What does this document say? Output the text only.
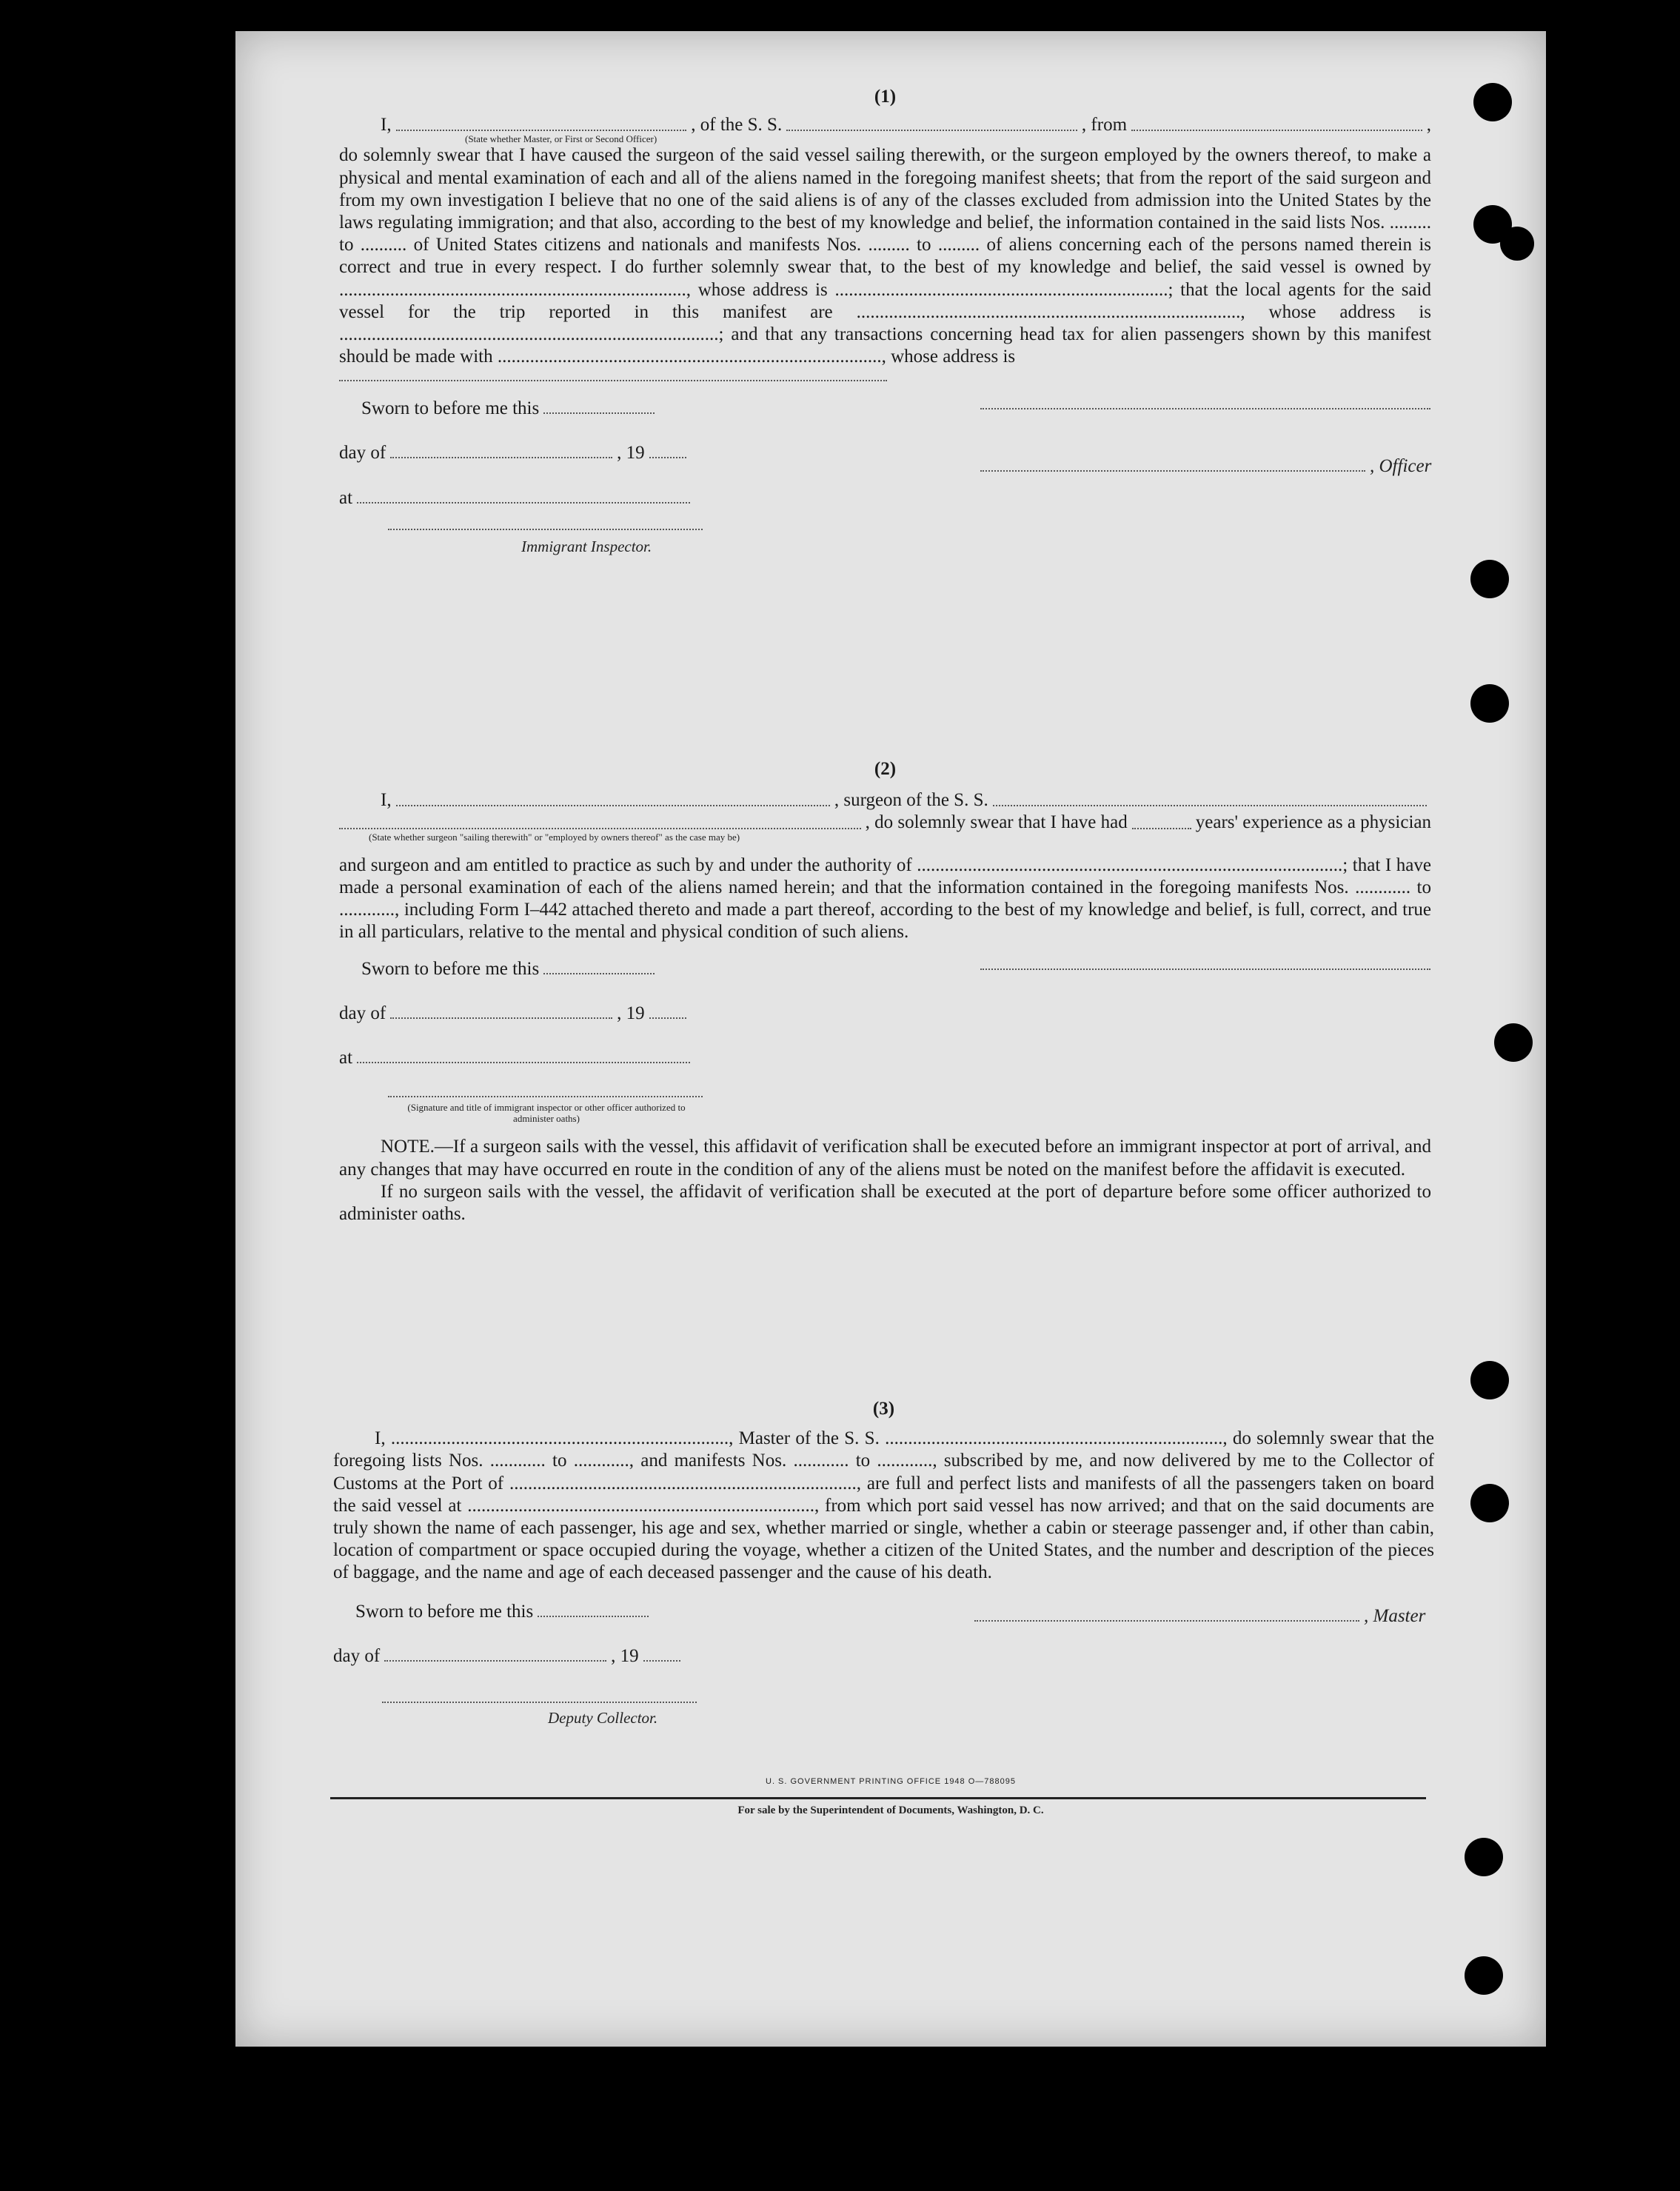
(1)
I,	, of the S. S.	, from	,
(State whether Master, or First or Second Officer)
do solemnly swear that I have caused the surgeon of the said vessel sailing therewith, or the surgeon employed by the owners thereof, to make a physical and mental examination of each and all of the aliens named in the foregoing manifest sheets; that from the report of the said surgeon and from my own investigation I believe that no one of the said aliens is of any of the classes excluded from admission into the United States by the laws regulating immigration; and that also, according to the best of my knowledge and belief, the information contained in the said lists Nos. ......... to .......... of United States citizens and nationals and manifests Nos. ......... to ......... of aliens concerning each of the persons named therein is correct and true in every respect. I do further solemnly swear that, to the best of my knowledge and belief, the said vessel is owned by ..........................................................................., whose address is ........................................................................; that the local agents for the said vessel for the trip reported in this manifest are ..................................................................................., whose address is ..................................................................................; and that any transactions concerning head tax for alien passengers shown by this manifest should be made with ..................................................................................., whose address is
Sworn to before me this
day of	, 19
at
Immigrant Inspector.
, Officer
(2)
I,	, surgeon of the S. S.
, do solemnly swear that I have had	years' experience as a physician
(State whether surgeon "sailing therewith" or "employed by owners thereof" as the case may be)
and surgeon and am entitled to practice as such by and under the authority of ............................................................................................; that I have made a personal examination of each of the aliens named herein; and that the information contained in the foregoing manifests Nos. ............ to ............, including Form I–442 attached thereto and made a part thereof, according to the best of my knowledge and belief, is full, correct, and true in all particulars, relative to the mental and physical condition of such aliens.
Sworn to before me this
day of	, 19
at
(Signature and title of immigrant inspector or other officer authorized to administer oaths)
NOTE.—If a surgeon sails with the vessel, this affidavit of verification shall be executed before an immigrant inspector at port of arrival, and any changes that may have occurred en route in the condition of any of the aliens must be noted on the manifest before the affidavit is executed.
If no surgeon sails with the vessel, the affidavit of verification shall be executed at the port of departure before some officer authorized to administer oaths.
(3)
I, ........................................................................., Master of the S. S. ........................................................................., do solemnly swear that the foregoing lists Nos. ............ to ............, and manifests Nos. ............ to ............, subscribed by me, and now delivered by me to the Collector of Customs at the Port of ..........................................................................., are full and perfect lists and manifests of all the passengers taken on board the said vessel at ..........................................................................., from which port said vessel has now arrived; and that on the said documents are truly shown the name of each passenger, his age and sex, whether married or single, whether a cabin or steerage passenger and, if other than cabin, location of compartment or space occupied during the voyage, whether a citizen of the United States, and the number and description of the pieces of baggage, and the name and age of each deceased passenger and the cause of his death.
Sworn to before me this
day of	, 19
Deputy Collector.
, Master
U. S. GOVERNMENT PRINTING OFFICE 1948 O—788095
For sale by the Superintendent of Documents, Washington, D. C.
